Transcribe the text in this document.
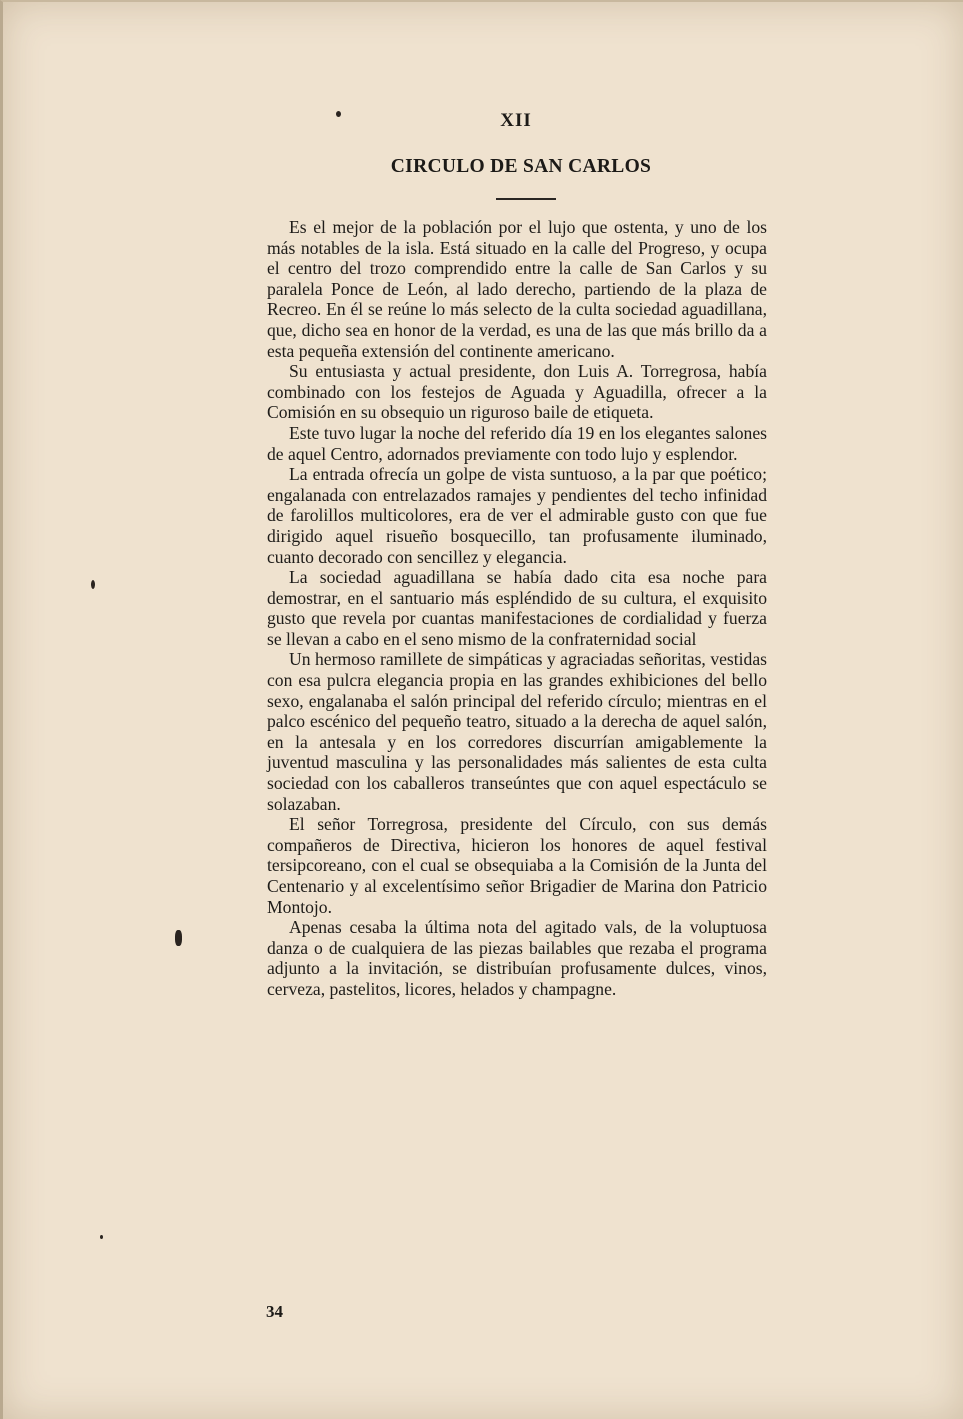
XII
CIRCULO DE SAN CARLOS

Es el mejor de la población por el lujo que ostenta, y uno de los más notables de la isla. Está situado en la calle del Progreso, y ocupa el centro del trozo comprendido entre la calle de San Carlos y su paralela Ponce de León, al lado derecho, partiendo de la plaza de Recreo. En él se reúne lo más selecto de la culta sociedad aguadillana, que, dicho sea en honor de la verdad, es una de las que más brillo da a esta pequeña extensión del continente americano.

Su entusiasta y actual presidente, don Luis A. Torregrosa, había combinado con los festejos de Aguada y Aguadilla, ofrecer a la Comisión en su obsequio un riguroso baile de etiqueta.

Este tuvo lugar la noche del referido día 19 en los elegantes salones de aquel Centro, adornados previamente con todo lujo y esplendor.

La entrada ofrecía un golpe de vista suntuoso, a la par que poético; engalanada con entrelazados ramajes y pendientes del techo infinidad de farolillos multicolores, era de ver el admirable gusto con que fue dirigido aquel risueño bosquecillo, tan profusamente iluminado, cuanto decorado con sencillez y elegancia.

La sociedad aguadillana se había dado cita esa noche para demostrar, en el santuario más espléndido de su cultura, el exquisito gusto que revela por cuantas manifestaciones de cordialidad y fuerza se llevan a cabo en el seno mismo de la confraternidad social

Un hermoso ramillete de simpáticas y agraciadas señoritas, vestidas con esa pulcra elegancia propia en las grandes exhibiciones del bello sexo, engalanaba el salón principal del referido círculo; mientras en el palco escénico del pequeño teatro, situado a la derecha de aquel salón, en la antesala y en los corredores discurrían amigablemente la juventud masculina y las personalidades más salientes de esta culta sociedad con los caballeros transeúntes que con aquel espectáculo se solazaban.

El señor Torregrosa, presidente del Círculo, con sus demás compañeros de Directiva, hicieron los honores de aquel festival tersipcoreano, con el cual se obsequiaba a la Comisión de la Junta del Centenario y al excelentísimo señor Brigadier de Marina don Patricio Montojo.

Apenas cesaba la última nota del agitado vals, de la voluptuosa danza o de cualquiera de las piezas bailables que rezaba el programa adjunto a la invitación, se distribuían profusamente dulces, vinos, cerveza, pastelitos, licores, helados y champagne.

34
